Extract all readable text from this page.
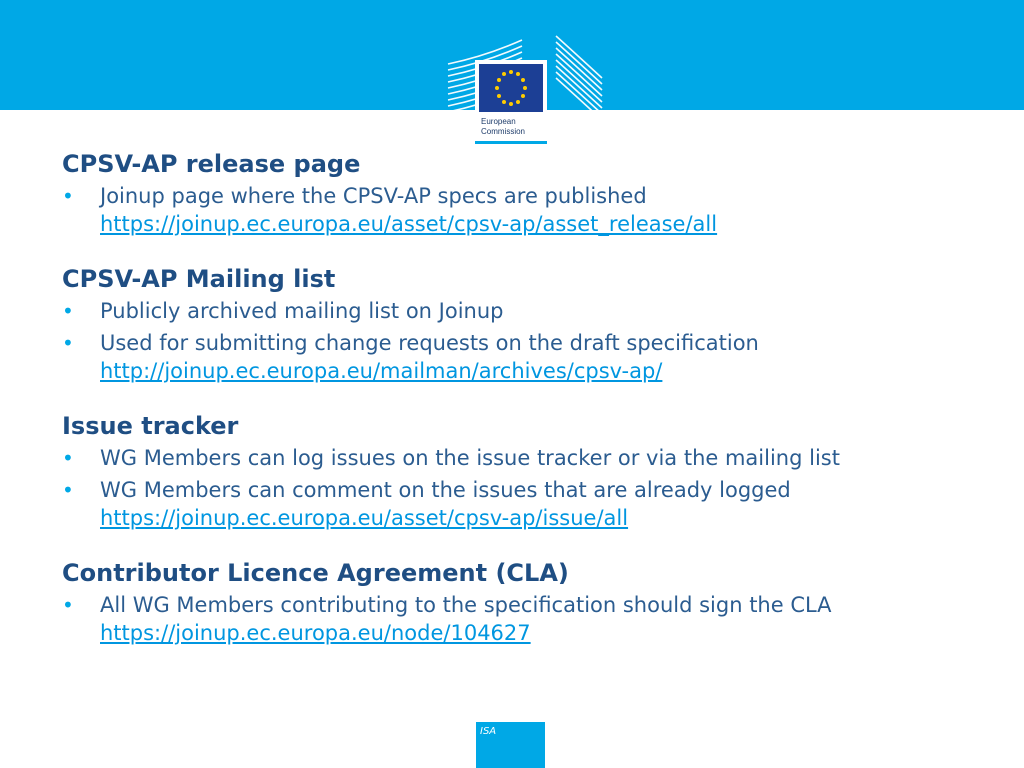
European
Commission
CPSV-AP release page
• Joinup page where the CPSV-AP specs are published
https://joinup.ec.europa.eu/asset/cpsv-ap/asset_release/all
CPSV-AP Mailing list
• Publicly archived mailing list on Joinup
• Used for submitting change requests on the draft specification
http://joinup.ec.europa.eu/mailman/archives/cpsv-ap/
Issue tracker
• WG Members can log issues on the issue tracker or via the mailing list
• WG Members can comment on the issues that are already logged
https://joinup.ec.europa.eu/asset/cpsv-ap/issue/all
Contributor Licence Agreement (CLA)
• All WG Members contributing to the specification should sign the CLA
https://joinup.ec.europa.eu/node/104627
ISA
